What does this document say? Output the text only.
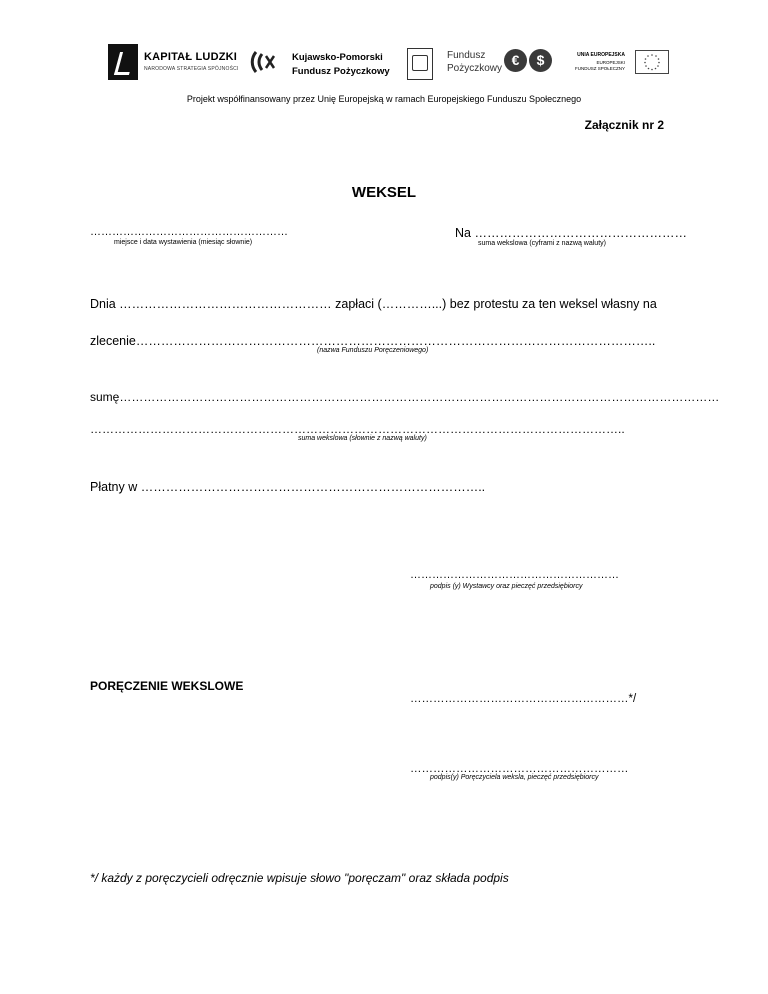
KAPITAŁ LUDZKI
NARODOWA STRATEGIA SPÓJNOŚCI
Kujawsko-Pomorski
Fundusz Pożyczkowy
Fundusz
Pożyczkowy
€	$	UNIA EUROPEJSKA
EUROPEJSKI
FUNDUSZ SPOŁECZNY
Projekt współfinansowany przez Unię Europejską w ramach Europejskiego Funduszu Społecznego
Załącznik nr 2
WEKSEL
………………………………………………
miejsce i data wystawienia (miesiąc słownie)
Na ……………………………………………
suma wekslowa (cyframi z nazwą waluty)
Dnia …………………………………………… zapłaci (…………...) bez protestu za ten weksel własny na
zlecenie……………………………………………………………………………………………………………..
(nazwa Funduszu Poręczeniowego)
sumę……………………………………………………………………………………………………………………………………
……………………………………………………………………………………………………………………..
suma wekslowa (słownie z nazwą waluty)
Płatny w ………………………………………………………………………..
…………………………………………………
podpis (y) Wystawcy oraz pieczęć przedsiębiorcy
PORĘCZENIE WEKSLOWE
…………………………………………………*/
…………………………………………………
podpis(y) Poręczyciela weksla, pieczęć przedsiębiorcy
*/ każdy z poręczycieli odręcznie wpisuje słowo "poręczam" oraz składa podpis
